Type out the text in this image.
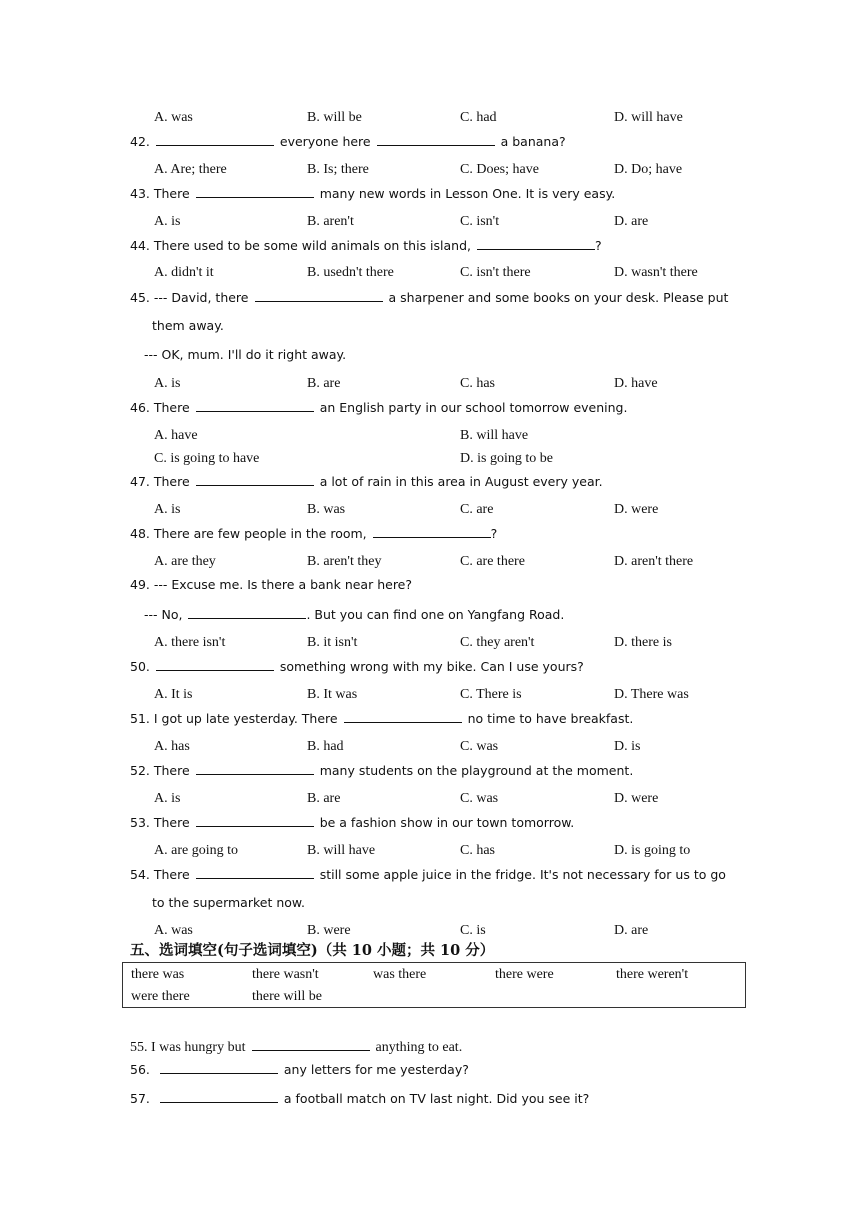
A. was	B. will be	C. had	D. will have
42.	everyone here	a banana?
A. Are; there	B. Is; there	C. Does; have	D. Do; have
43. There	many new words in Lesson One. It is very easy.
A. is	B. aren't	C. isn't	D. are
44. There used to be some wild animals on this island,	?
A. didn't it	B. usedn't there	C. isn't there	D. wasn't there
45. --- David, there	a sharpener and some books on your desk. Please put
them away.
--- OK, mum. I'll do it right away.
A. is	B. are	C. has	D. have
46. There	an English party in our school tomorrow evening.
A. have	B. will have
C. is going to have	D. is going to be
47. There	a lot of rain in this area in August every year.
A. is	B. was	C. are	D. were
48. There are few people in the room,	?
A. are they	B. aren't they	C. are there	D. aren't there
49. --- Excuse me. Is there a bank near here?
--- No,	. But you can find one on Yangfang Road.
A. there isn't	B. it isn't	C. they aren't	D. there is
50.	something wrong with my bike. Can I use yours?
A. It is	B. It was	C. There is	D. There was
51. I got up late yesterday. There	no time to have breakfast.
A. has	B. had	C. was	D. is
52. There	many students on the playground at the moment.
A. is	B. are	C. was	D. were
53. There	be a fashion show in our town tomorrow.
A. are going to	B. will have	C. has	D. is going to
54. There	still some apple juice in the fridge. It's not necessary for us to go
to the supermarket now.
A. was	B. were	C. is	D. are
五、选词填空(句子选词填空)（共 10 小题；共 10 分）
there was	there wasn't	was there	there were	there weren't
were there	there will be
55. I was hungry but	anything to eat.
56.	any letters for me yesterday?
57.	a football match on TV last night. Did you see it?
